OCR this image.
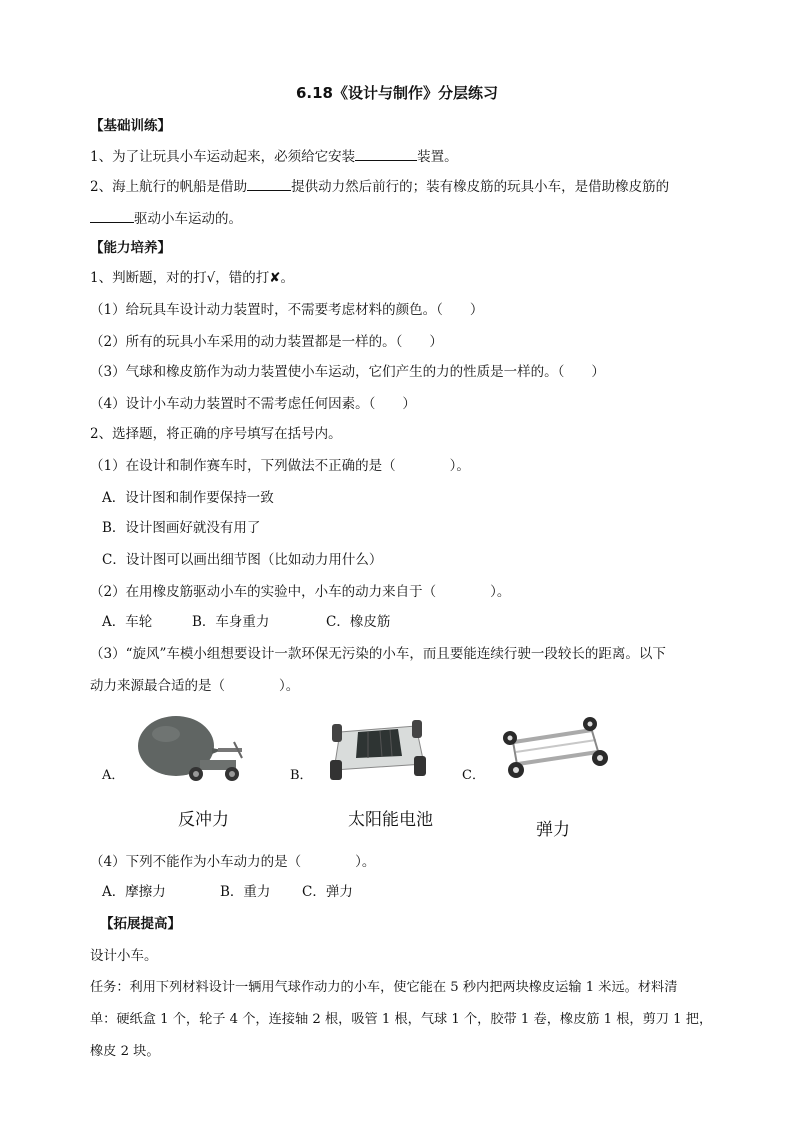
6.18《设计与制作》分层练习
【基础训练】
1、为了让玩具小车运动起来，必须给它安装	装置。
2、海上航行的帆船是借助	提供动力然后前行的；装有橡皮筋的玩具小车，是借助橡皮筋的
驱动小车运动的。
【能力培养】
1、判断题，对的打√，错的打✘。
（1）给玩具车设计动力装置时，不需要考虑材料的颜色。（　　）
（2）所有的玩具小车采用的动力装置都是一样的。（　　）
（3）气球和橡皮筋作为动力装置使小车运动，它们产生的力的性质是一样的。（　　）
（4）设计小车动力装置时不需考虑任何因素。（　　）
2、选择题，将正确的序号填写在括号内。
（1）在设计和制作赛车时，下列做法不正确的是（　　　　）。
A．设计图和制作要保持一致
B．设计图画好就没有用了
C．设计图可以画出细节图（比如动力用什么）
（2）在用橡皮筋驱动小车的实验中，小车的动力来自于（　　　　）。
A．车轮	B．车身重力	C．橡皮筋
（3）“旋风”车模小组想要设计一款环保无污染的小车，而且要能连续行驶一段较长的距离。以下
动力来源最合适的是（　　　　）。
A．
反冲力
B．
太阳能电池
C．
弹力
（4）下列不能作为小车动力的是（　　　　）。
A．摩擦力	B．重力 C．弹力
【拓展提高】
设计小车。
任务：利用下列材料设计一辆用气球作动力的小车，使它能在 5 秒内把两块橡皮运输 1 米远。材料清
单：硬纸盒 1 个，轮子 4 个，连接轴 2 根，吸管 1 根，气球 1 个，胶带 1 卷，橡皮筋 1 根，剪刀 1 把，
橡皮 2 块。
